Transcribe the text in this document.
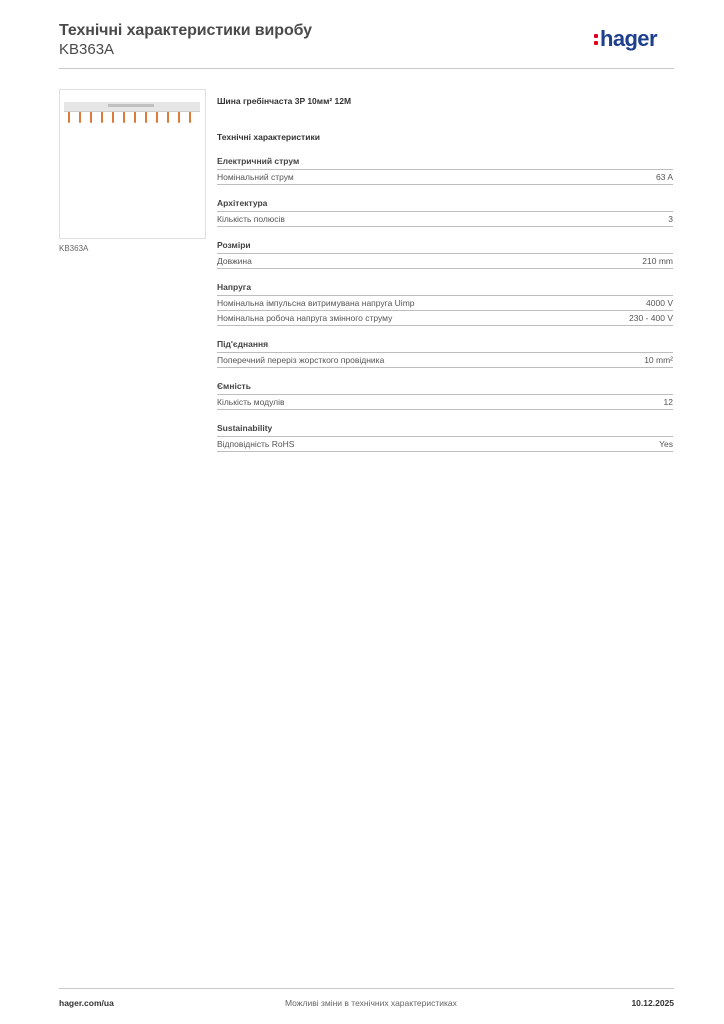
Технічні характеристики виробу
KB363A	hager
KB363A
Шина гребінчаста 3P 10мм² 12M
Технічні характеристики
Електричний струм
Номінальний струм	63 A
Архітектура
Кількість полюсів	3
Розміри
Довжина	210 mm
Напруга
Номінальна імпульсна витримувана напруга Uimp	4000 V
Номінальна робоча напруга змінного струму	230 - 400 V
Під'єднання
Поперечний переріз жорсткого провідника	10 mm²
Ємність
Кількість модулів	12
Sustainability
Відповідність RoHS	Yes
hager.com/ua	Можливі зміни в технічних характеристиках	10.12.2025
